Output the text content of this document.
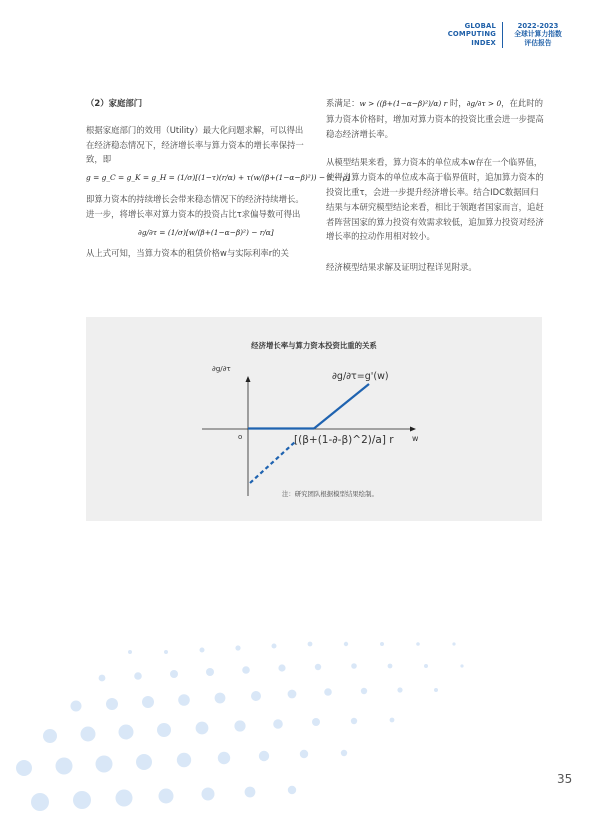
GLOBAL
COMPUTING
INDEX
2022-2023
全球计算力指数
评估报告

（2）家庭部门

根据家庭部门的效用（Utility）最大化问题求解，可以得出在经济稳态情况下，经济增长率与算力资本的增长率保持一致，即

g = g_C = g_K = g_H = (1/σ)[(1−τ)(r/α) + τ(w/(β+(1−α−β)²)) − δ − ρ]

即算力资本的持续增长会带来稳态情况下的经济持续增长。进一步，将增长率对算力资本的投资占比τ求偏导数可得出

∂g/∂τ = (1/σ)[w/(β+(1−α−β)²) − r/α]

从上式可知，当算力资本的租赁价格w与实际利率r的关

系满足：w > ((β+(1−α−β)²)/α) r 时，∂g/∂τ > 0，在此时的算力资本价格时，增加对算力资本的投资比重会进一步提高稳态经济增长率。

从模型结果来看，算力资本的单位成本w存在一个临界值，使得当算力资本的单位成本高于临界值时，追加算力资本的投资比重τ，会进一步提升经济增长率。结合IDC数据回归结果与本研究模型结论来看，相比于领跑者国家而言，追赶者阵营国家的算力投资有效需求较低，追加算力投资对经济增长率的拉动作用相对较小。

经济模型结果求解及证明过程详见附录。

经济增长率与算力资本投资比重的关系
∂g/∂τ
w
o
∂g/∂τ=g'(w)
[(β+(1-∂-β)^2)/a] r
注：研究团队根据模型结果绘制。
35
